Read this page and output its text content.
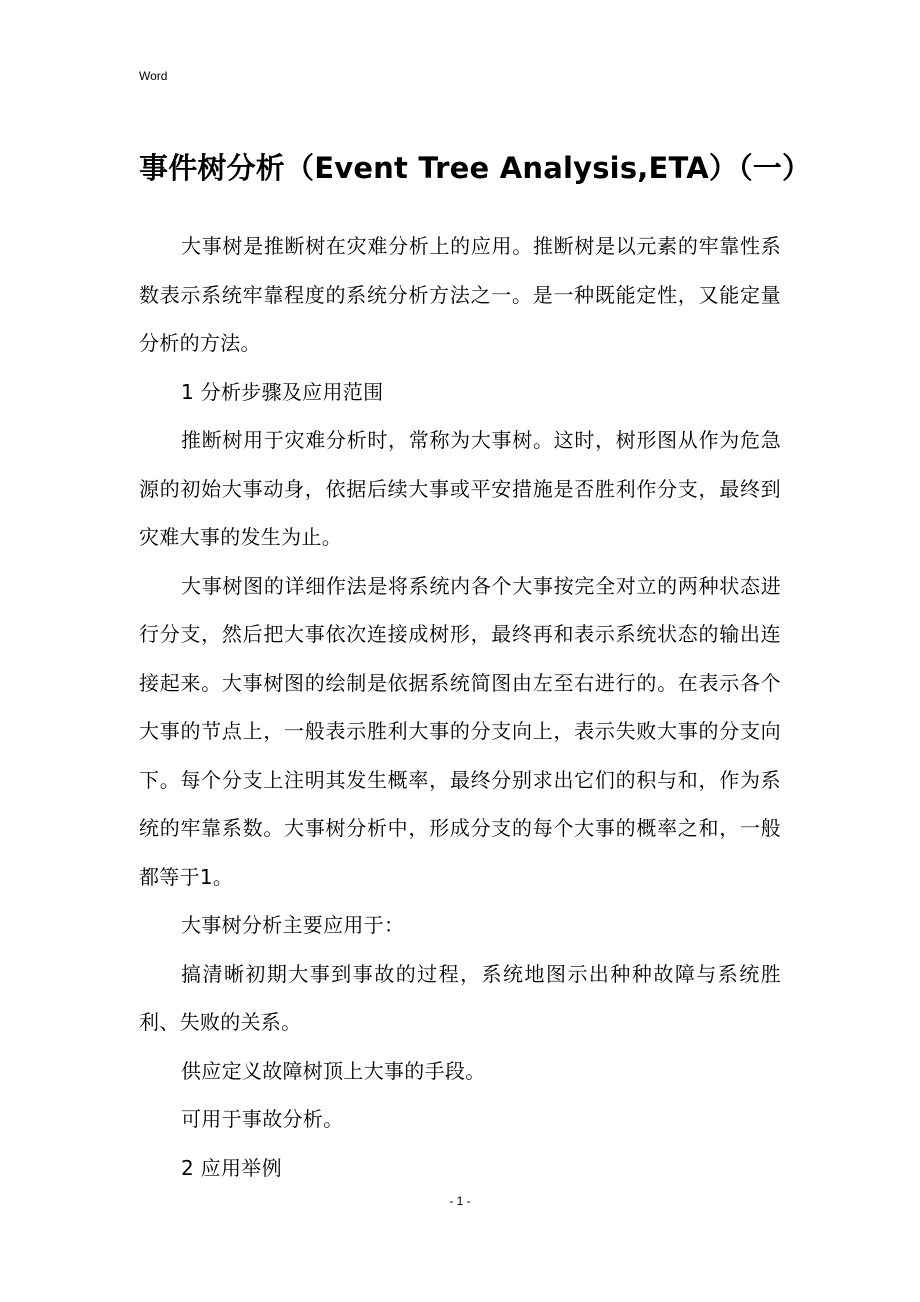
Word
事件树分析（Event Tree Analysis,ETA）（一）

大事树是推断树在灾难分析上的应用。推断树是以元素的牢靠性系数表示系统牢靠程度的系统分析方法之一。是一种既能定性，又能定量分析的方法。

1 分析步骤及应用范围

推断树用于灾难分析时，常称为大事树。这时，树形图从作为危急源的初始大事动身，依据后续大事或平安措施是否胜利作分支，最终到灾难大事的发生为止。

大事树图的详细作法是将系统内各个大事按完全对立的两种状态进行分支，然后把大事依次连接成树形，最终再和表示系统状态的输出连接起来。大事树图的绘制是依据系统简图由左至右进行的。在表示各个大事的节点上，一般表示胜利大事的分支向上，表示失败大事的分支向下。每个分支上注明其发生概率，最终分别求出它们的积与和，作为系统的牢靠系数。大事树分析中，形成分支的每个大事的概率之和，一般都等于1。

大事树分析主要应用于：

搞清晰初期大事到事故的过程，系统地图示出种种故障与系统胜利、失败的关系。

供应定义故障树顶上大事的手段。

可用于事故分析。

2 应用举例

- 1 -
